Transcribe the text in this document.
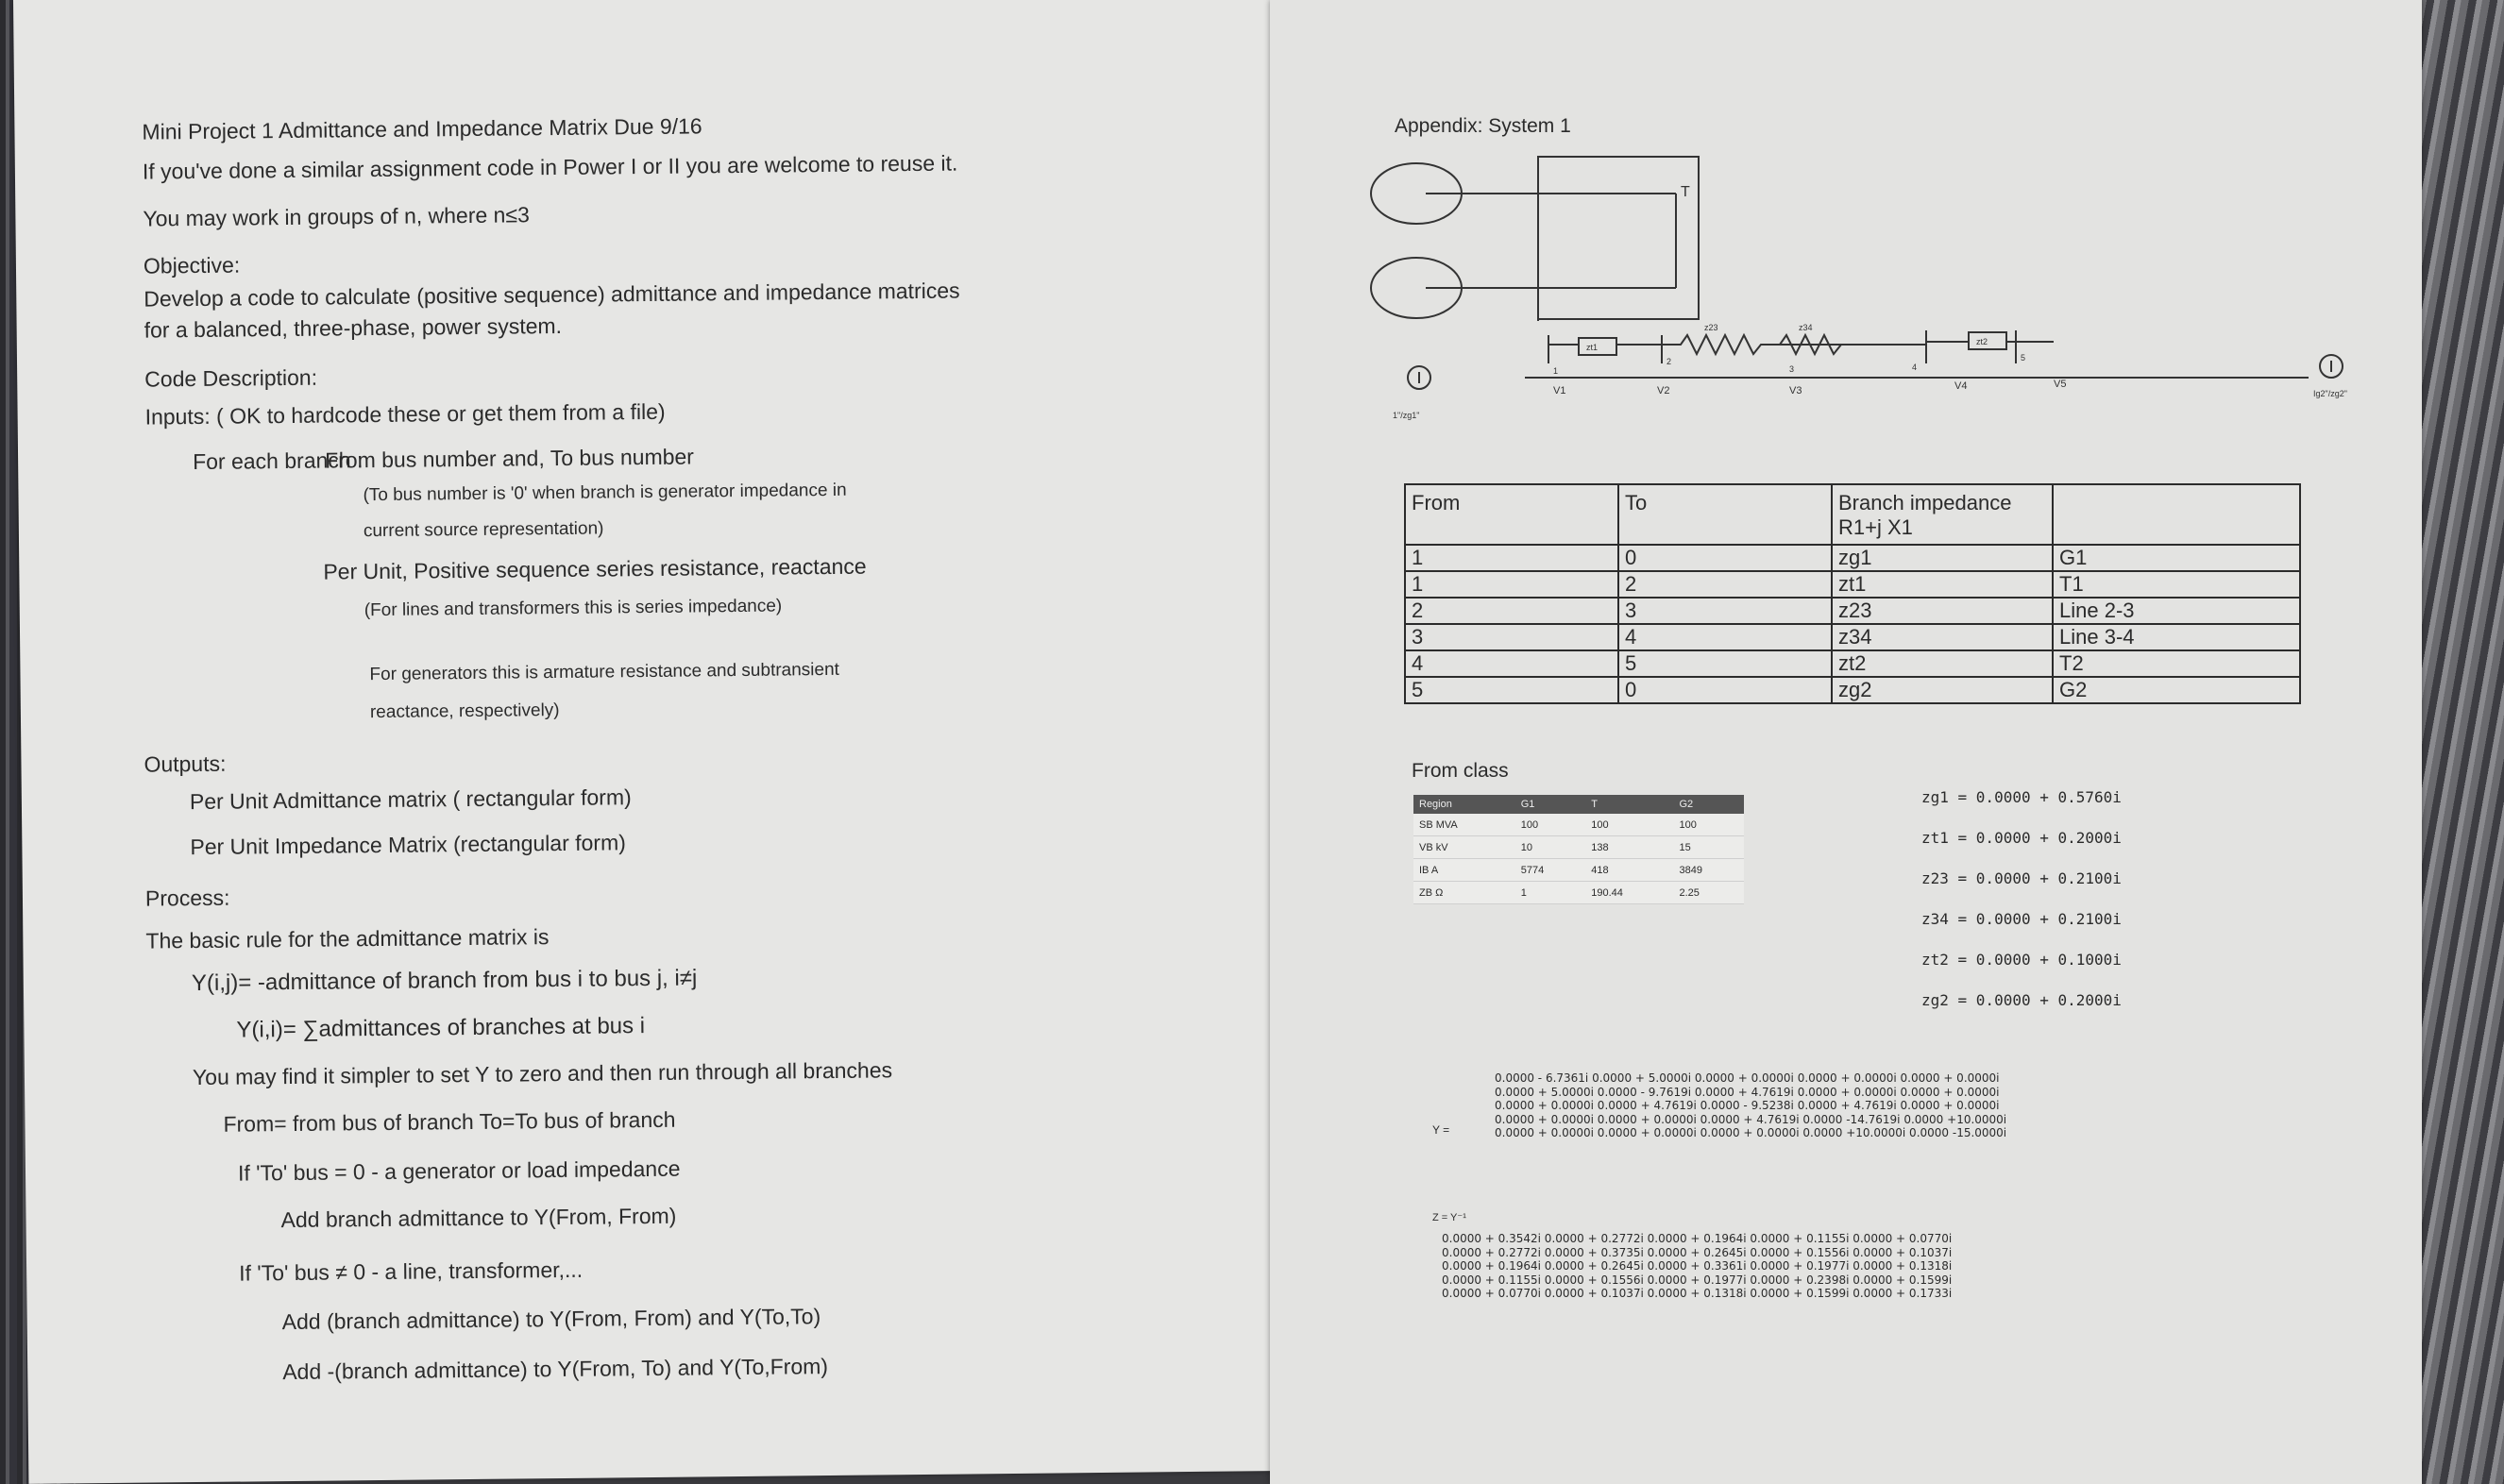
Mini Project 1 Admittance and Impedance Matrix Due 9/16
If you've done a similar assignment code in Power I or II you are welcome to reuse it.
You may work in groups of n, where n≤3
Objective:
Develop a code to calculate (positive sequence) admittance and impedance matrices
for a balanced, three-phase, power system.
Code Description:
Inputs: ( OK to hardcode these or get them from a file)
For each branch :
From bus number and, To bus number
(To bus number is '0' when branch is generator impedance in
current source representation)
Per Unit, Positive sequence series resistance, reactance
(For lines and transformers this is series impedance)
For generators this is armature resistance and subtransient
reactance, respectively)
Outputs:
Per Unit Admittance matrix ( rectangular form)
Per Unit Impedance Matrix (rectangular form)
Process:
The basic rule for the admittance matrix is
Y(i,j)= -admittance of branch from bus i to bus j, i≠j
Y(i,i)= ∑admittances of branches at bus i
You may find it simpler to set Y to zero and then run through all branches
From= from bus of branch To=To bus of branch
If 'To' bus = 0 - a generator or load impedance
Add branch admittance to Y(From, From)
If 'To' bus ≠ 0 - a line, transformer,...
Add (branch admittance) to Y(From, From) and Y(To,To)
Add -(branch admittance) to Y(From, To) and Y(To,From)
Appendix: System 1
T
zt1
zt2
z23	z34
1
2
3	4
5
V1	V2	V3	V4	V5
1"/zg1"
Ig2"/zg2"
From	To	Branch impedance R1+j X1	
1	0	zg1	G1
1	2	zt1	T1
2	3	z23	Line 2-3
3	4	z34	Line 3-4
4	5	zt2	T2
5	0	zg2	G2
From class
Region	G1	T	G2
SB MVA	100	100	100
VB kV	10	138	15
IB A	5774	418	3849
ZB Ω	1	190.44	2.25
zg1 = 0.0000 + 0.5760i
zt1 = 0.0000 + 0.2000i
z23 = 0.0000 + 0.2100i
z34 = 0.0000 + 0.2100i
zt2 = 0.0000 + 0.1000i
zg2 = 0.0000 + 0.2000i
Y =
0.0000 - 6.7361i 0.0000 + 5.0000i 0.0000 + 0.0000i 0.0000 + 0.0000i 0.0000 + 0.0000i
0.0000 + 5.0000i 0.0000 - 9.7619i 0.0000 + 4.7619i 0.0000 + 0.0000i 0.0000 + 0.0000i
0.0000 + 0.0000i 0.0000 + 4.7619i 0.0000 - 9.5238i 0.0000 + 4.7619i 0.0000 + 0.0000i
0.0000 + 0.0000i 0.0000 + 0.0000i 0.0000 + 4.7619i 0.0000 -14.7619i 0.0000 +10.0000i
0.0000 + 0.0000i 0.0000 + 0.0000i 0.0000 + 0.0000i 0.0000 +10.0000i 0.0000 -15.0000i
Z = Y⁻¹
0.0000 + 0.3542i 0.0000 + 0.2772i 0.0000 + 0.1964i 0.0000 + 0.1155i 0.0000 + 0.0770i
0.0000 + 0.2772i 0.0000 + 0.3735i 0.0000 + 0.2645i 0.0000 + 0.1556i 0.0000 + 0.1037i
0.0000 + 0.1964i 0.0000 + 0.2645i 0.0000 + 0.3361i 0.0000 + 0.1977i 0.0000 + 0.1318i
0.0000 + 0.1155i 0.0000 + 0.1556i 0.0000 + 0.1977i 0.0000 + 0.2398i 0.0000 + 0.1599i
0.0000 + 0.0770i 0.0000 + 0.1037i 0.0000 + 0.1318i 0.0000 + 0.1599i 0.0000 + 0.1733i
